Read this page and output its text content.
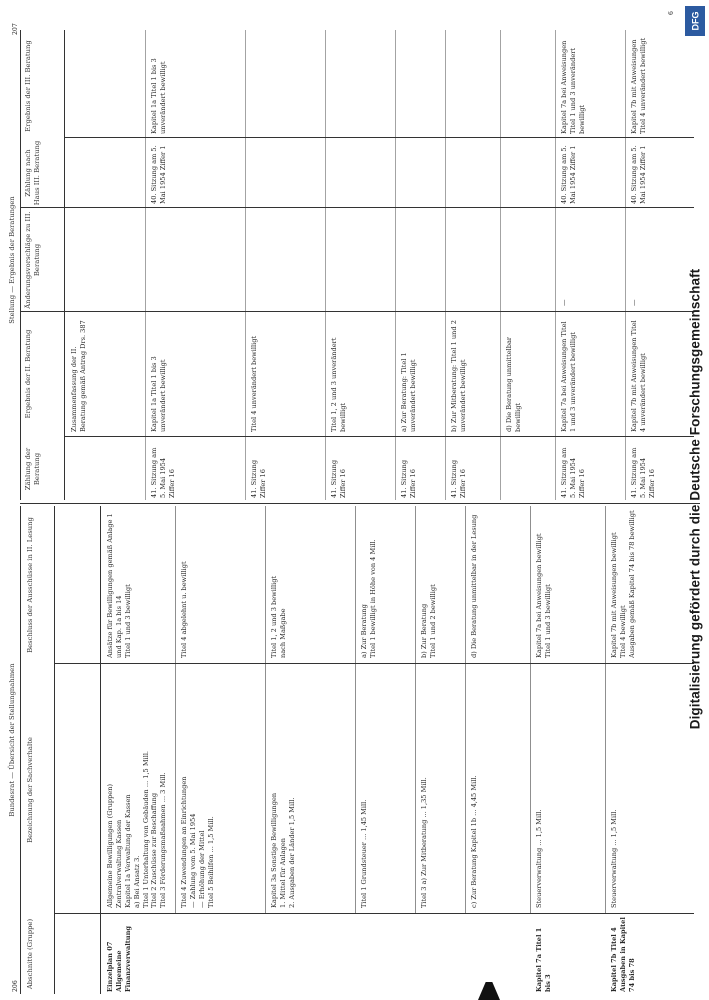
206
207
6
Bundesrat — Übersicht der Stellungnahmen
Abschnitte (Gruppe)
Bezeichnung der Sachverhalte
Beschluss der Ausschüsse in II. Lesung
Einzelplan 07 Allgemeine Finanzverwaltung
Allgemeine Bewilligungen (Gruppen)
Zentralverwaltung Kassen
Kapitel 1a Verwaltung der Kassen
a) Bei Ansatz 3.
Titel 1 Unterhaltung von Gebäuden ... 1,5 Mill.
Titel 2 Zuschüsse zur Beschaffung
Titel 3 Förderungsmaßnahmen ... 3 Mill.
Ansätze für Bewilligungen gemäß Anlage 1 und Kap. 1a bis 14
Titel 1 und 3 bewilligt
Titel 4 Zuwendungen an Einrichtungen
— Zahlung vom 5. Mai 1954
— Erhöhung der Mittel
Titel 5 Beihilfen ... 1,5 Mill.
Titel 4 abgelehnt u. bewilligt
Kapitel 3a Sonstige Bewilligungen
1. Mittel für Anlagen
2. Ausgaben der Länder 1,5 Mill.
Titel 1, 2 und 3 bewilligt
nach Maßgabe
Titel 1 Grundsteuer ... 1,45 Mill.
a) Zur Beratung
Titel 1 bewilligt in Höhe von 4 Mill.
Titel 3 a) Zur Mitberatung ... 1,35 Mill.
b) Zur Beratung
Titel 1 und 2 bewilligt
c) Zur Beratung Kapitel 1b ... 4,45 Mill.
d) Die Beratung unmittelbar in der Lesung
Kapitel 7a Titel 1 bis 3
Steuerverwaltung ... 1,5 Mill.
Kapitel 7a bei Anweisungen bewilligt
Titel 1 und 3 bewilligt
Kapitel 7b Titel 4
Ausgaben in Kapitel 74 bis 78
Steuerverwaltung ... 1,5 Mill.
Kapitel 7b mit Anweisungen bewilligt
Titel 4 bewilligt
Ausgaben gemäß Kapitel 74 bis 78 bewilligt
Stellung — Ergebnis der Beratungen
Zählung der Beratung
Ergebnis der II. Beratung
Änderungsvorschläge zu III. Beratung
Zählung nach Haus III. Beratung
Ergebnis der III. Beratung
Zusammenfassung der II. Beratung gemäß Antrag Drs. 387
41. Sitzung am 5. Mai 1954 Ziffer 16
Kapitel 1a Titel 1 bis 3 unverändert bewilligt
40. Sitzung am 5. Mai 1954 Ziffer 1
Kapitel 1a Titel 1 bis 3 unverändert bewilligt
41. Sitzung Ziffer 16
Titel 4 unverändert bewilligt
41. Sitzung Ziffer 16
Titel 1, 2 und 3 unverändert bewilligt
41. Sitzung Ziffer 16
a) Zur Beratung: Titel 1 unverändert bewilligt
41. Sitzung Ziffer 16
b) Zur Mitberatung: Titel 1 und 2 unverändert bewilligt	d) Die Beratung unmittelbar bewilligt
41. Sitzung am 5. Mai 1954 Ziffer 16
Kapitel 7a bei Anweisungen Titel 1 und 3 unverändert bewilligt
—
40. Sitzung am 5. Mai 1954 Ziffer 1
Kapitel 7a bei Anweisungen Titel 1 und 3 unverändert bewilligt
41. Sitzung am 5. Mai 1954 Ziffer 16
Kapitel 7b mit Anweisungen Titel 4 unverändert bewilligt
—
40. Sitzung am 5. Mai 1954 Ziffer 1
Kapitel 7b mit Anweisungen Titel 4 unverändert bewilligt
Digitalisierung gefördert durch die Deutsche Forschungsgemeinschaft
DFG
